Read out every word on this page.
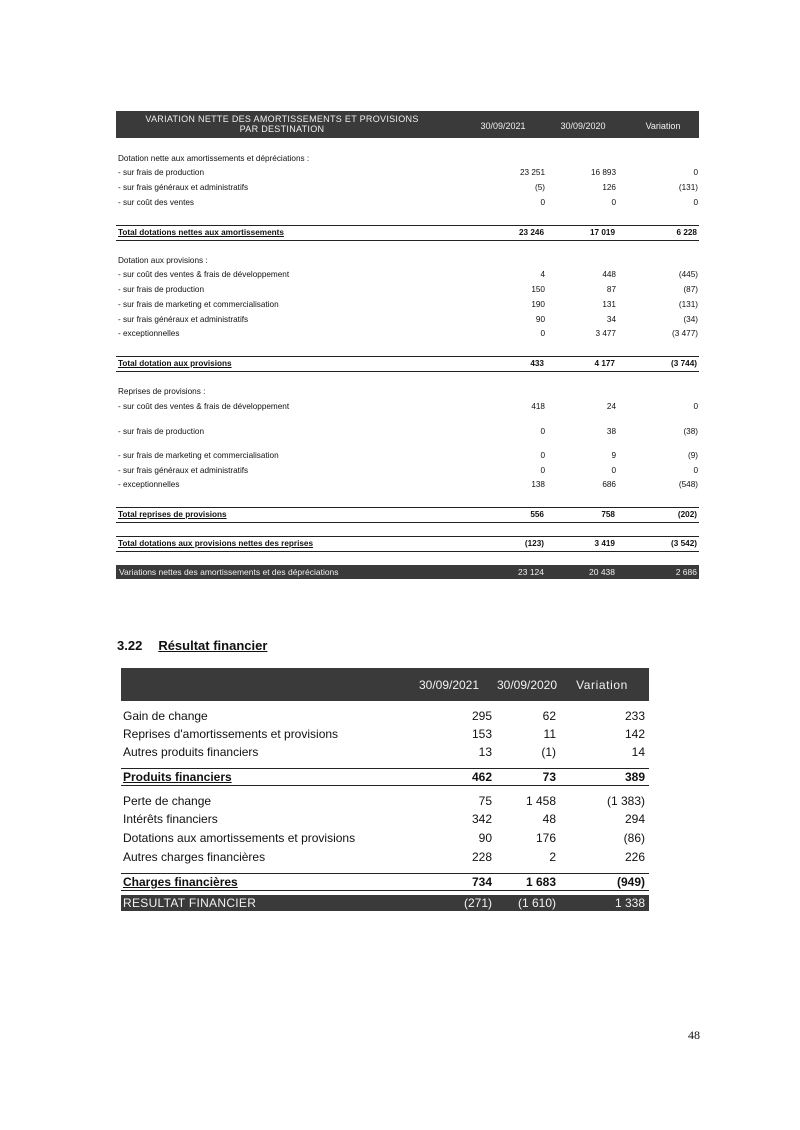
VARIATION NETTE DES AMORTISSEMENTS ET PROVISIONS
PAR DESTINATION	30/09/2021	30/09/2020	Variation
Dotation nette aux amortissements et dépréciations :
- sur frais de production	23 251	16 893	0
- sur frais généraux et administratifs	(5)	126	(131)
- sur coût des ventes	0	0	0
Total dotations nettes aux amortissements	23 246	17 019	6 228
Dotation aux provisions :
- sur coût des ventes & frais de développement	4	448	(445)
- sur frais de production	150	87	(87)
- sur frais de marketing et commercialisation	190	131	(131)
- sur frais généraux et administratifs	90	34	(34)
- exceptionnelles	0	3 477	(3 477)
Total dotation aux provisions	433	4 177	(3 744)
Reprises de provisions :
- sur coût des ventes & frais de développement	418	24	0
- sur frais de production	0	38	(38)
- sur frais de marketing et commercialisation	0	9	(9)
- sur frais généraux et administratifs	0	0	0
- exceptionnelles	138	686	(548)
Total reprises de provisions	556	758	(202)
Total dotations aux provisions nettes des reprises	(123)	3 419	(3 542)
Variations nettes des amortissements et des dépréciations	23 124	20 438	2 686
3.22 Résultat financier
30/09/2021	30/09/2020	Variation
Gain de change	295	62	233
Reprises d'amortissements et provisions	153	11	142
Autres produits financiers	13	(1)	14
Produits financiers	462	73	389
Perte de change	75	1 458	(1 383)
Intérêts financiers	342	48	294
Dotations aux amortissements et provisions	90	176	(86)
Autres charges financières	228	2	226
Charges financières	734	1 683	(949)
RESULTAT FINANCIER	(271)	(1 610)	1 338
48
